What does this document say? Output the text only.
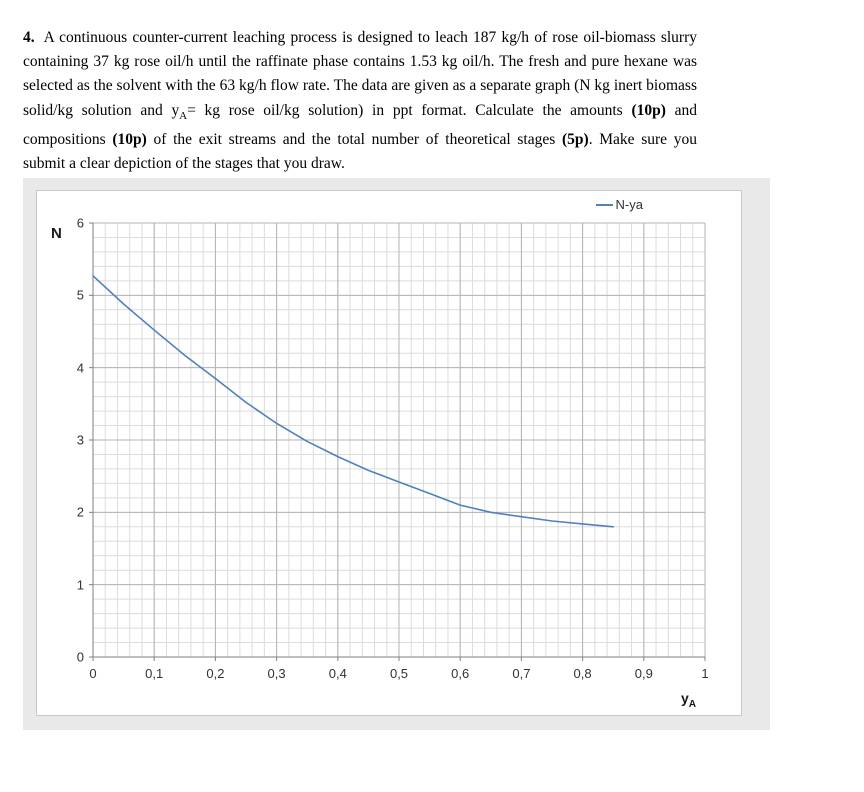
4. A continuous counter-current leaching process is designed to leach 187 kg/h of rose oil-biomass slurry containing 37 kg rose oil/h until the raffinate phase contains 1.53 kg oil/h. The fresh and pure hexane was selected as the solvent with the 63 kg/h flow rate. The data are given as a separate graph (N kg inert biomass solid/kg solution and $y_A=$ kg rose oil/kg solution) in ppt format. Calculate the amounts (10p) and compositions (10p) of the exit streams and the total number of theoretical stages (5p). Make sure you submit a clear depiction of the stages that you draw.

N-ya
N
$y_A$
0	0,1	0,2	0,3	0,4	0,5	0,6	0,7	0,8	0,9	1
0
1
2
3
4
5
6
